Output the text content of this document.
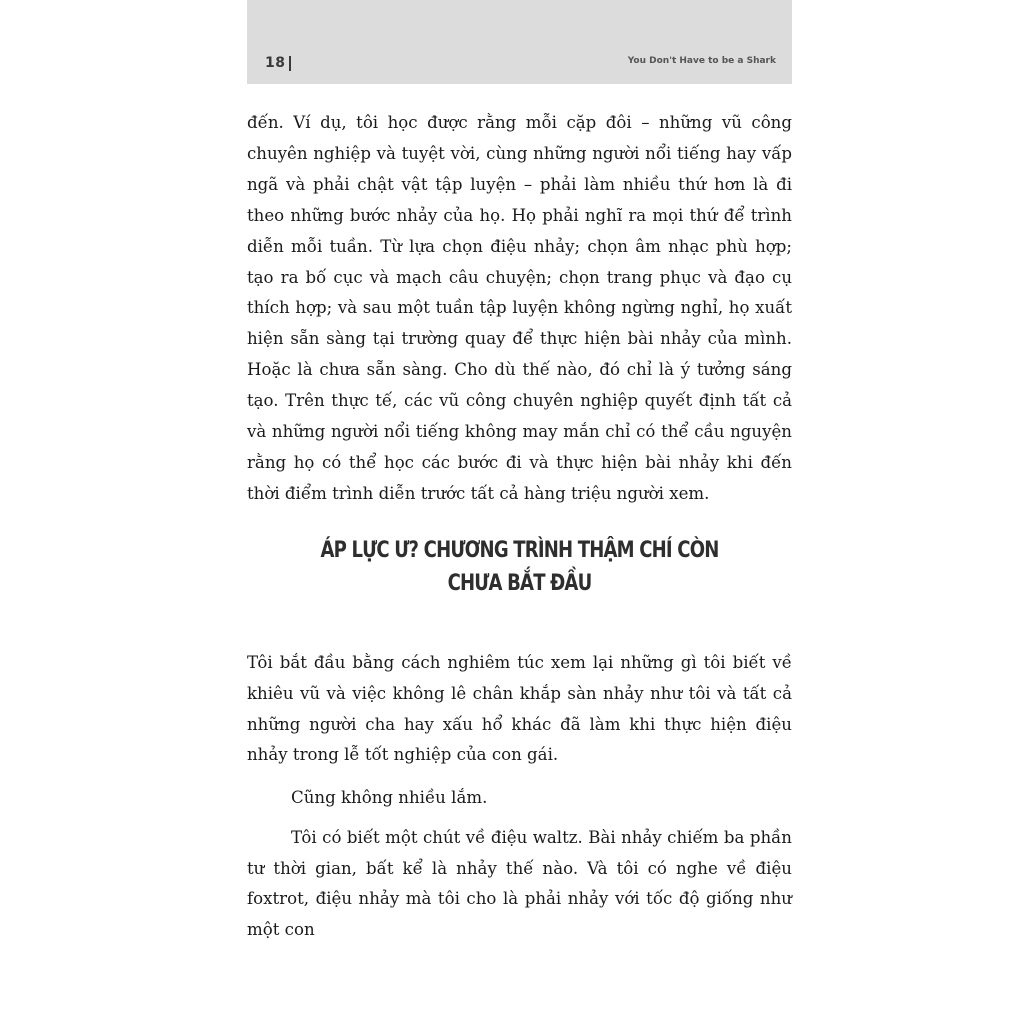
18	You Don't Have to be a Shark

đến. Ví dụ, tôi học được rằng mỗi cặp đôi – những vũ công chuyên nghiệp và tuyệt vời, cùng những người nổi tiếng hay vấp ngã và phải chật vật tập luyện – phải làm nhiều thứ hơn là đi theo những bước nhảy của họ. Họ phải nghĩ ra mọi thứ để trình diễn mỗi tuần. Từ lựa chọn điệu nhảy; chọn âm nhạc phù hợp; tạo ra bố cục và mạch câu chuyện; chọn trang phục và đạo cụ thích hợp; và sau một tuần tập luyện không ngừng nghỉ, họ xuất hiện sẵn sàng tại trường quay để thực hiện bài nhảy của mình. Hoặc là chưa sẵn sàng. Cho dù thế nào, đó chỉ là ý tưởng sáng tạo. Trên thực tế, các vũ công chuyên nghiệp quyết định tất cả và những người nổi tiếng không may mắn chỉ có thể cầu nguyện rằng họ có thể học các bước đi và thực hiện bài nhảy khi đến thời điểm trình diễn trước tất cả hàng triệu người xem.

ÁP LỰC Ư? CHƯƠNG TRÌNH THẬM CHÍ CÒN
CHƯA BẮT ĐẦU

Tôi bắt đầu bằng cách nghiêm túc xem lại những gì tôi biết về khiêu vũ và việc không lê chân khắp sàn nhảy như tôi và tất cả những người cha hay xấu hổ khác đã làm khi thực hiện điệu nhảy trong lễ tốt nghiệp của con gái.

Cũng không nhiều lắm.

Tôi có biết một chút về điệu waltz. Bài nhảy chiếm ba phần tư thời gian, bất kể là nhảy thế nào. Và tôi có nghe về điệu foxtrot, điệu nhảy mà tôi cho là phải nhảy với tốc độ giống như một con
